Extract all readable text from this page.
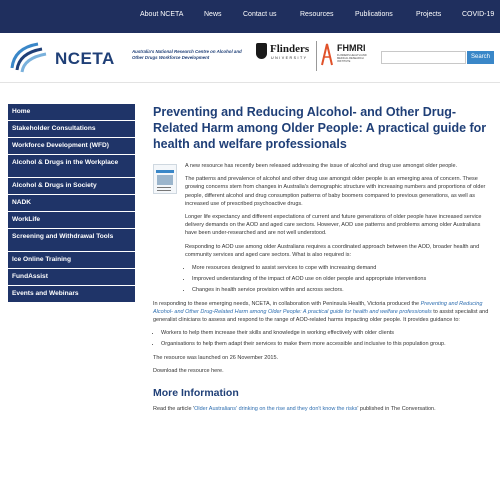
About NCETA	News	Contact us	Resources	Publications	Projects	COVID-19
NCETA	Australia's National Research Centre on Alcohol and Other Drugs Workforce Development
Flinders
UNIVERSITY
FHMRI
FLINDERS HEALTH AND MEDICAL RESEARCH INSTITUTE
Search
Home
Stakeholder Consultations
Workforce Development (WFD)
Alcohol & Drugs in the Workplace
Alcohol & Drugs in Society
NADK
WorkLife
Screening and Withdrawal Tools
Ice Online Training
FundAssist
Events and Webinars
Preventing and Reducing Alcohol- and Other Drug-Related Harm among Older People: A practical guide for health and welfare professionals

A new resource has recently been released addressing the issue of alcohol and drug use amongst older people.

The patterns and prevalence of alcohol and other drug use amongst older people is an emerging area of concern. These growing concerns stem from changes in Australia's demographic structure with increasing numbers and proportions of older people, different alcohol and drug consumption patterns of baby boomers compared to previous generations, as well as increased use of prescribed psychoactive drugs.

Longer life expectancy and different expectations of current and future generations of older people have increased service delivery demands on the AOD and aged care sectors. However, AOD use patterns and problems among older Australians have been under-researched and are not well understood.

Responding to AOD use among older Australians requires a coordinated approach between the AOD, broader health and community services and aged care sectors. What is also required is:

• More resources designed to assist services to cope with increasing demand
• Improved understanding of the impact of AOD use on older people and appropriate interventions
• Changes in health service provision within and across sectors.

In responding to these emerging needs, NCETA, in collaboration with Peninsula Health, Victoria produced the Preventing and Reducing Alcohol- and Other Drug-Related Harm among Older People: A practical guide for health and welfare professionals to assist specialist and generalist clinicians to assess and respond to the range of AOD-related harms impacting older people. It provides guidance to:

• Workers to help them increase their skills and knowledge in working effectively with older clients
• Organisations to help them adapt their services to make them more accessible and inclusive to this population group.

The resource was launched on 26 November 2015.

Download the resource here.

More Information

Read the article 'Older Australians' drinking on the rise and they don't know the risks' published in The Conversation.
